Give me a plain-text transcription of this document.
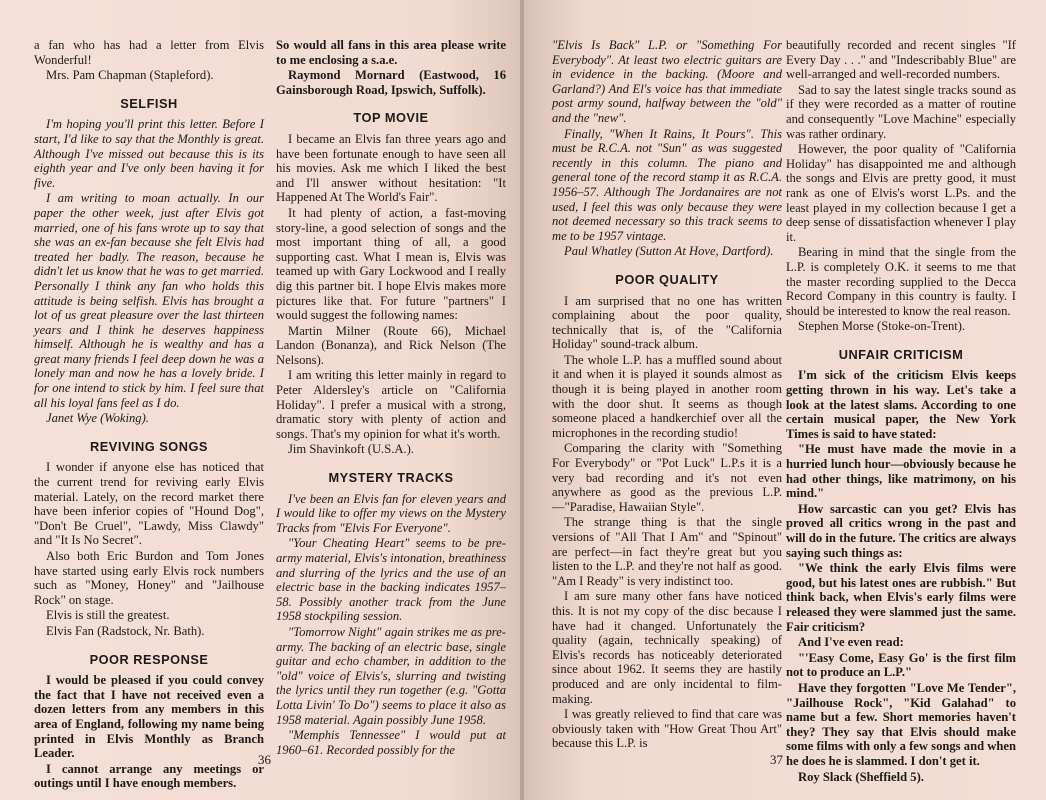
a fan who has had a letter from Elvis Wonderful!

Mrs. Pam Chapman (Stapleford).

SELFISH

I'm hoping you'll print this letter. Before I start, I'd like to say that the Monthly is great. Although I've missed out because this is its eighth year and I've only been having it for five.

I am writing to moan actually. In our paper the other week, just after Elvis got married, one of his fans wrote up to say that she was an ex-fan because she felt Elvis had treated her badly. The reason, because he didn't let us know that he was to get married. Personally I think any fan who holds this attitude is being selfish. Elvis has brought a lot of us great pleasure over the last thirteen years and I think he deserves happiness himself. Although he is wealthy and has a great many friends I feel deep down he was a lonely man and now he has a lovely bride. I for one intend to stick by him. I feel sure that all his loyal fans feel as I do.

Janet Wye (Woking).

REVIVING SONGS

I wonder if anyone else has noticed that the current trend for reviving early Elvis material. Lately, on the record market there have been inferior copies of "Hound Dog", "Don't Be Cruel", "Lawdy, Miss Clawdy" and "It Is No Secret".

Also both Eric Burdon and Tom Jones have started using early Elvis rock numbers such as "Money, Honey" and "Jailhouse Rock" on stage.

Elvis is still the greatest.

Elvis Fan (Radstock, Nr. Bath).

POOR RESPONSE

I would be pleased if you could convey the fact that I have not received even a dozen letters from any members in this area of England, following my name being printed in Elvis Monthly as Branch Leader.

I cannot arrange any meetings or outings until I have enough members.

So would all fans in this area please write to me enclosing a s.a.e.

Raymond Mornard (Eastwood, 16 Gainsborough Road, Ipswich, Suffolk).

TOP MOVIE

I became an Elvis fan three years ago and have been fortunate enough to have seen all his movies. Ask me which I liked the best and I'll answer without hesitation: "It Happened At The World's Fair".

It had plenty of action, a fast-moving story-line, a good selection of songs and the most important thing of all, a good supporting cast. What I mean is, Elvis was teamed up with Gary Lockwood and I really dig this partner bit. I hope Elvis makes more pictures like that. For future "partners" I would suggest the following names:

Martin Milner (Route 66), Michael Landon (Bonanza), and Rick Nelson (The Nelsons).

I am writing this letter mainly in regard to Peter Aldersley's article on "California Holiday". I prefer a musical with a strong, dramatic story with plenty of action and songs. That's my opinion for what it's worth.

Jim Shavinkoft (U.S.A.).

MYSTERY TRACKS

I've been an Elvis fan for eleven years and I would like to offer my views on the Mystery Tracks from "Elvis For Everyone".

"Your Cheating Heart" seems to be pre-army material, Elvis's intonation, breathiness and slurring of the lyrics and the use of an electric base in the backing indicates 1957–58. Possibly another track from the June 1958 stockpiling session.

"Tomorrow Night" again strikes me as pre-army. The backing of an electric base, single guitar and echo chamber, in addition to the "old" voice of Elvis's, slurring and twisting the lyrics until they run together (e.g. "Gotta Lotta Livin' To Do") seems to place it also as 1958 material. Again possibly June 1958.

"Memphis Tennessee" I would put at 1960–61. Recorded possibly for the

36

"Elvis Is Back" L.P. or "Something For Everybody". At least two electric guitars are in evidence in the backing. (Moore and Garland?) And El's voice has that immediate post army sound, halfway between the "old" and the "new".

Finally, "When It Rains, It Pours". This must be R.C.A. not "Sun" as was suggested recently in this column. The piano and general tone of the record stamp it as R.C.A. 1956–57. Although The Jordanaires are not used, I feel this was only because they were not deemed necessary so this track seems to me to be 1957 vintage.

Paul Whatley (Sutton At Hove, Dartford).

POOR QUALITY

I am surprised that no one has written complaining about the poor quality, technically that is, of the "California Holiday" sound-track album.

The whole L.P. has a muffled sound about it and when it is played it sounds almost as though it is being played in another room with the door shut. It seems as though someone placed a handkerchief over all the microphones in the recording studio!

Comparing the clarity with "Something For Everybody" or "Pot Luck" L.P.s it is a very bad recording and it's not even anywhere as good as the previous L.P.—"Paradise, Hawaiian Style".

The strange thing is that the single versions of "All That I Am" and "Spinout" are perfect—in fact they're great but you listen to the L.P. and they're not half as good. "Am I Ready" is very indistinct too.

I am sure many other fans have noticed this. It is not my copy of the disc because I have had it changed. Unfortunately the quality (again, technically speaking) of Elvis's records has noticeably deteriorated since about 1962. It seems they are hastily produced and are only incidental to film-making.

I was greatly relieved to find that care was obviously taken with "How Great Thou Art" because this L.P. is

beautifully recorded and recent singles "If Every Day . . ." and "Indescribably Blue" are well-arranged and well-recorded numbers.

Sad to say the latest single tracks sound as if they were recorded as a matter of routine and consequently "Love Machine" especially was rather ordinary.

However, the poor quality of "California Holiday" has disappointed me and although the songs and Elvis are pretty good, it must rank as one of Elvis's worst L.Ps. and the least played in my collection because I get a deep sense of dissatisfaction whenever I play it.

Bearing in mind that the single from the L.P. is completely O.K. it seems to me that the master recording supplied to the Decca Record Company in this country is faulty. I should be interested to know the real reason.

Stephen Morse (Stoke-on-Trent).

UNFAIR CRITICISM

I'm sick of the criticism Elvis keeps getting thrown in his way. Let's take a look at the latest slams. According to one certain musical paper, the New York Times is said to have stated:

"He must have made the movie in a hurried lunch hour—obviously because he had other things, like matrimony, on his mind."

How sarcastic can you get? Elvis has proved all critics wrong in the past and will do in the future. The critics are always saying such things as:

"We think the early Elvis films were good, but his latest ones are rubbish." But think back, when Elvis's early films were released they were slammed just the same. Fair criticism?

And I've even read:

"'Easy Come, Easy Go' is the first film not to produce an L.P."

Have they forgotten "Love Me Tender", "Jailhouse Rock", "Kid Galahad" to name but a few. Short memories haven't they? They say that Elvis should make some films with only a few songs and when he does he is slammed. I don't get it.

Roy Slack (Sheffield 5).

37
